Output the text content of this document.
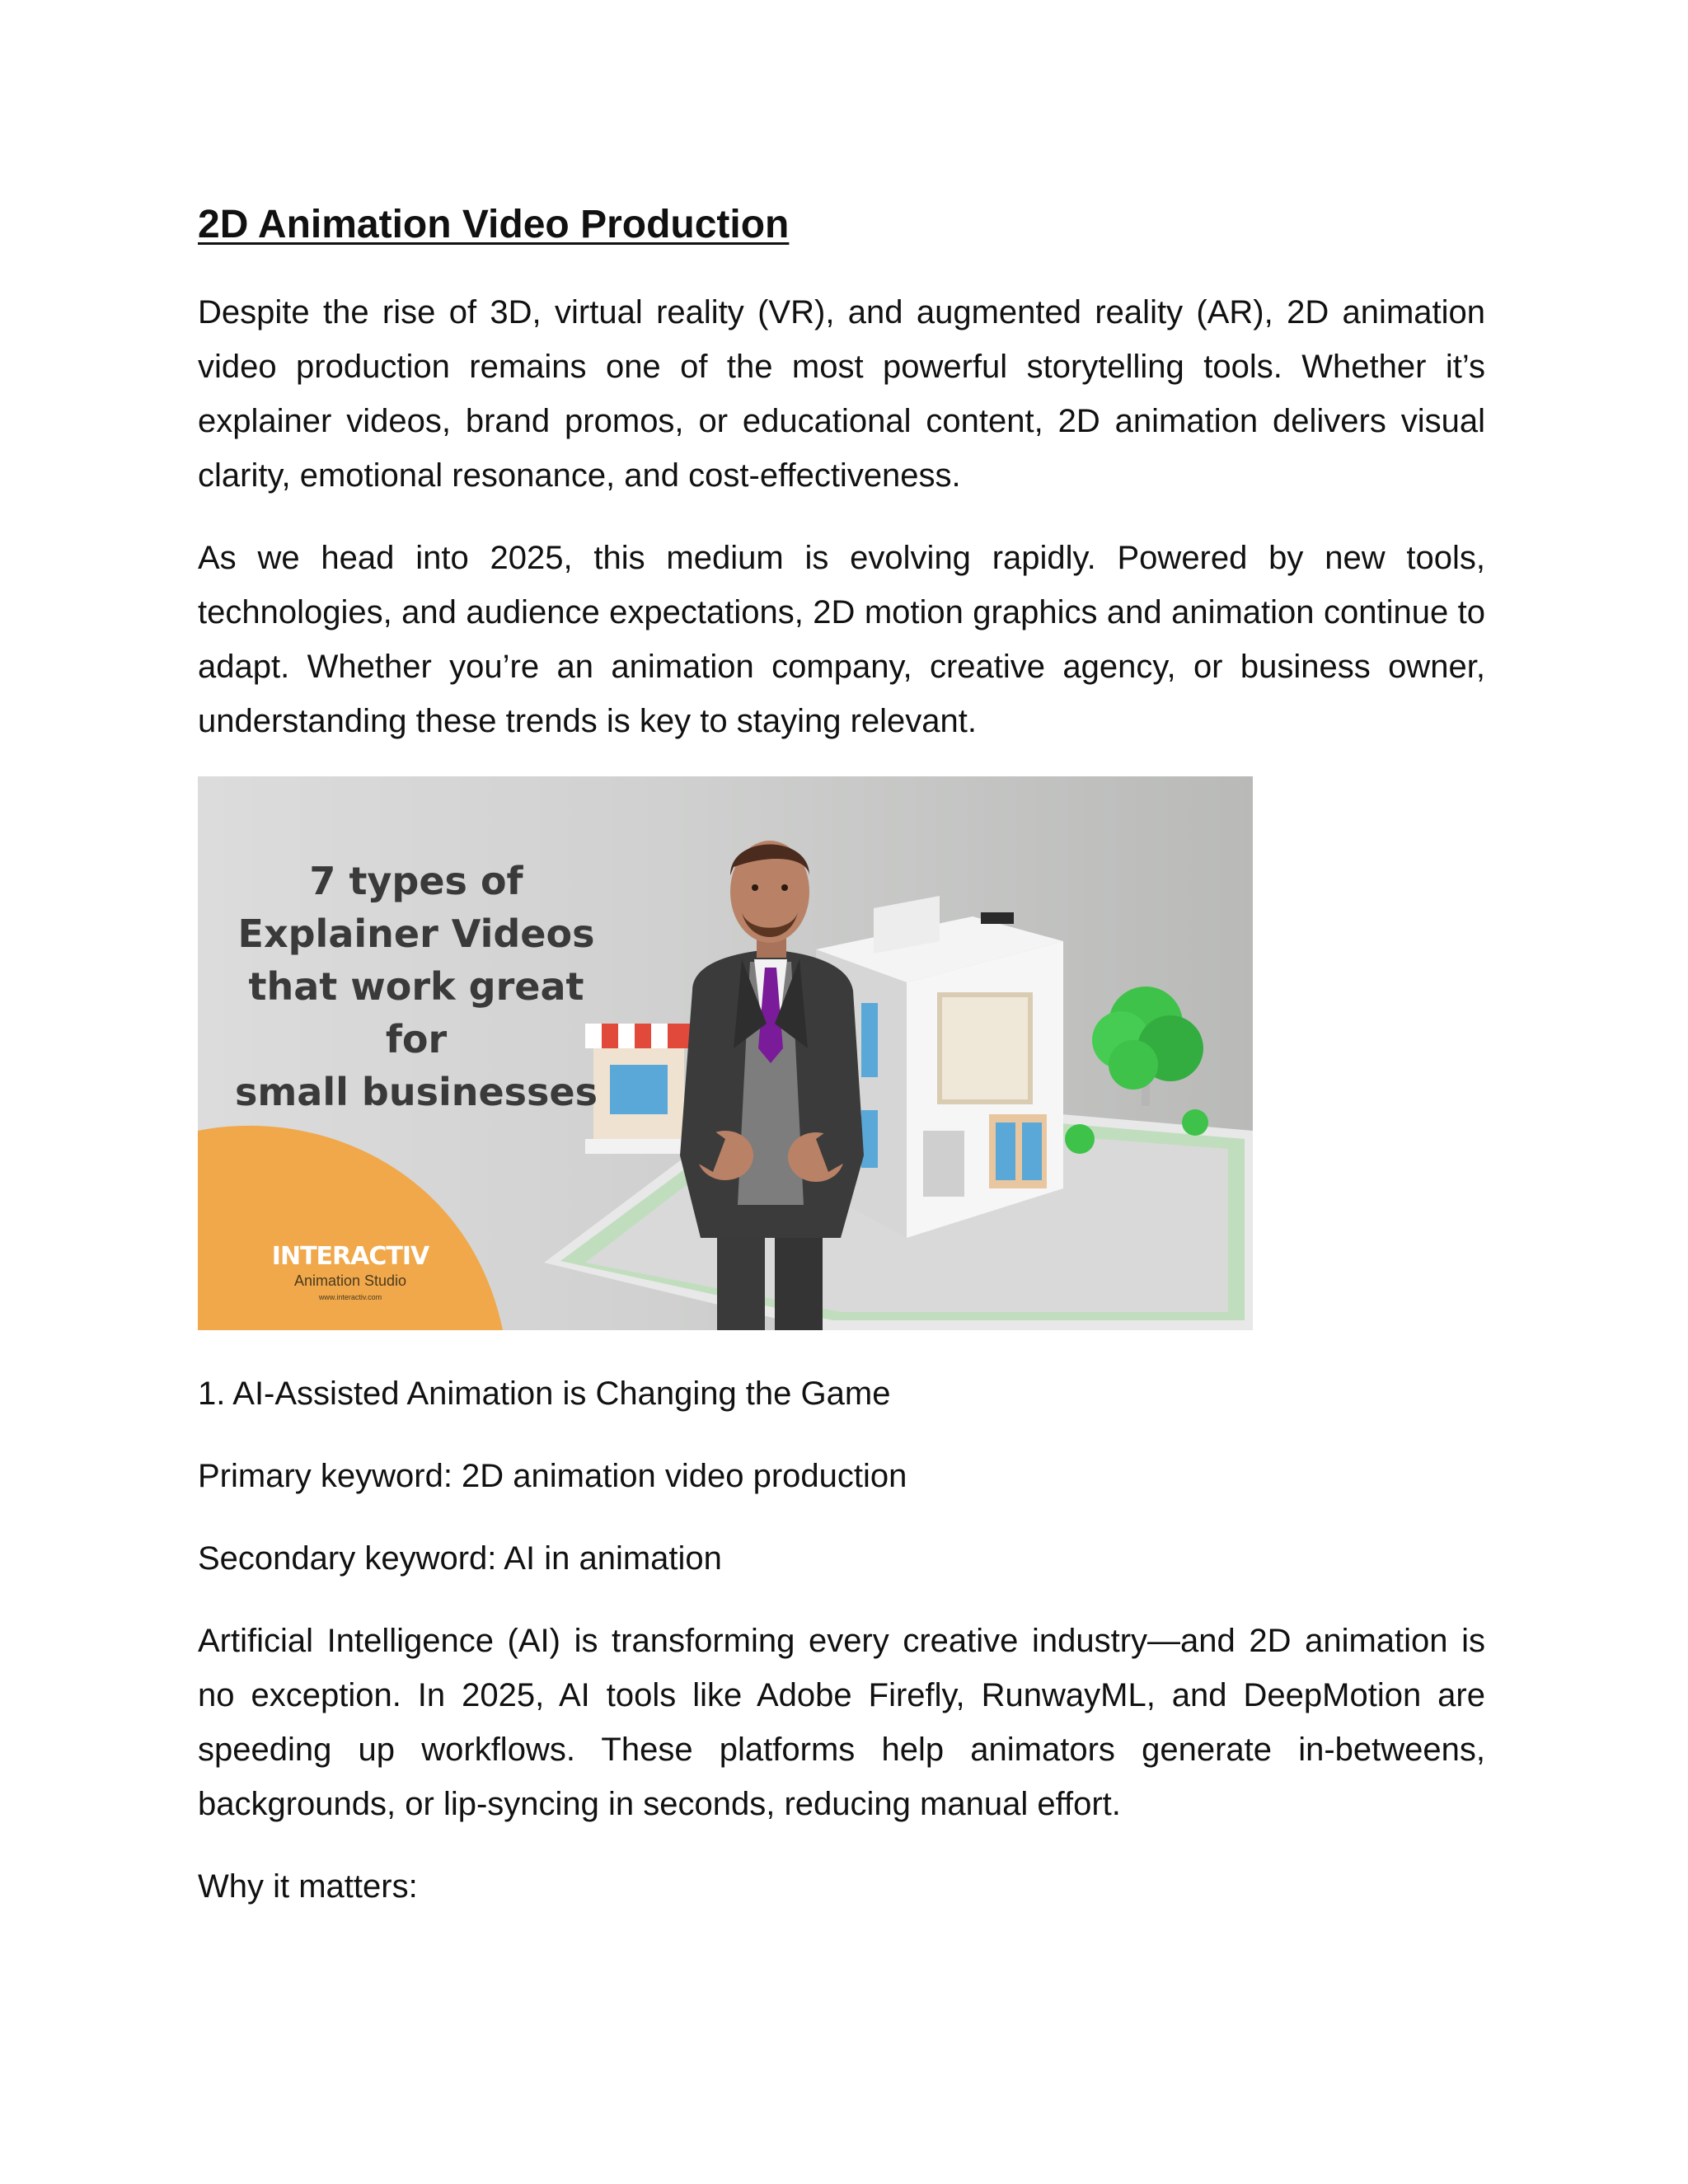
2D Animation Video Production

Despite the rise of 3D, virtual reality (VR), and augmented reality (AR), 2D animation video production remains one of the most powerful storytelling tools. Whether it’s explainer videos, brand promos, or educational content, 2D animation delivers visual clarity, emotional resonance, and cost-effectiveness.

As we head into 2025, this medium is evolving rapidly. Powered by new tools, technologies, and audience expectations, 2D motion graphics and animation continue to adapt. Whether you’re an animation company, creative agency, or business owner, understanding these trends is key to staying relevant.

7 types of
Explainer Videos
that work great for
small businesses
INTERACTIV
Animation Studio
www.interactiv.com

1. AI-Assisted Animation is Changing the Game

Primary keyword: 2D animation video production

Secondary keyword: AI in animation

Artificial Intelligence (AI) is transforming every creative industry—and 2D animation is no exception. In 2025, AI tools like Adobe Firefly, RunwayML, and DeepMotion are speeding up workflows. These platforms help animators generate in-betweens, backgrounds, or lip-syncing in seconds, reducing manual effort.

Why it matters:
